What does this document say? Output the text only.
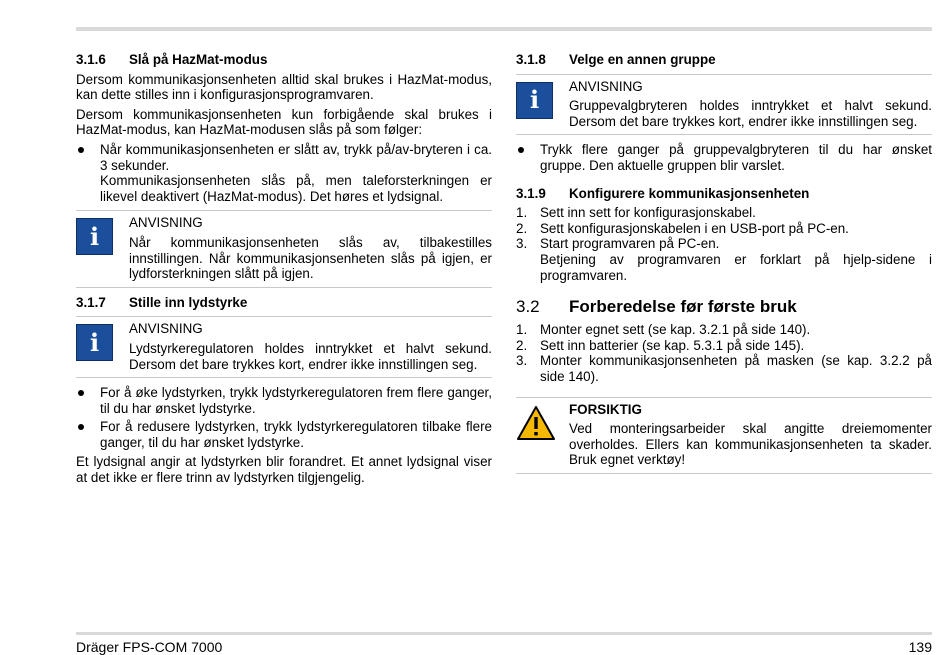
3.1.6	Slå på HazMat-modus

Dersom kommunikasjonsenheten alltid skal brukes i HazMat-modus, kan dette stilles inn i konfigurasjonsprogramvaren.

Dersom kommunikasjonsenheten kun forbigående skal brukes i HazMat-modus, kan HazMat-modusen slås på som følger:

Når kommunikasjonsenheten er slått av, trykk på/av-bryteren i ca. 3 sekunder.
Kommunikasjonsenheten slås på, men taleforsterkningen er likevel deaktivert (HazMat-modus). Det høres et lydsignal.
i	ANVISNING

Når kommunikasjonsenheten slås av, tilbakestilles innstillingen. Når kommunikasjonsenheten slås på igjen, er lydforsterkningen slått på igjen.

3.1.7	Stille inn lydstyrke
i	ANVISNING

Lydstyrkeregulatoren holdes inntrykket et halvt sekund. Dersom det bare trykkes kort, endrer ikke innstillingen seg.

For å øke lydstyrken, trykk lydstyrkeregulatoren frem flere ganger, til du har ønsket lydstyrke.
For å redusere lydstyrken, trykk lydstyrkeregulatoren tilbake flere ganger, til du har ønsket lydstyrke.

Et lydsignal angir at lydstyrken blir forandret. Et annet lydsignal viser at det ikke er flere trinn av lydstyrken tilgjengelig.

3.1.8	Velge en annen gruppe
i	ANVISNING

Gruppevalgbryteren holdes inntrykket et halvt sekund. Dersom det bare trykkes kort, endrer ikke innstillingen seg.

Trykk flere ganger på gruppevalgbryteren til du har ønsket gruppe. Den aktuelle gruppen blir varslet.
3.1.9	Konfigurere kommunikasjonsenheten
1. Sett inn sett for konfigurasjonskabel.
2. Sett konfigurasjonskabelen i en USB-port på PC-en.
3. Start programvaren på PC-en.
Betjening av programvaren er forklart på hjelp-sidene i programvaren.
3.2	Forberedelse før første bruk
1. Monter egnet sett (se kap. 3.2.1 på side 140).
2. Sett inn batterier (se kap. 5.3.1 på side 145).
3. Monter kommunikasjonsenheten på masken (se kap. 3.2.2 på side 140).
FORSIKTIG

Ved monteringsarbeider skal angitte dreiemomenter overholdes. Ellers kan kommunikasjonsenheten ta skader. Bruk egnet verktøy!

Dräger FPS-COM 7000	139
